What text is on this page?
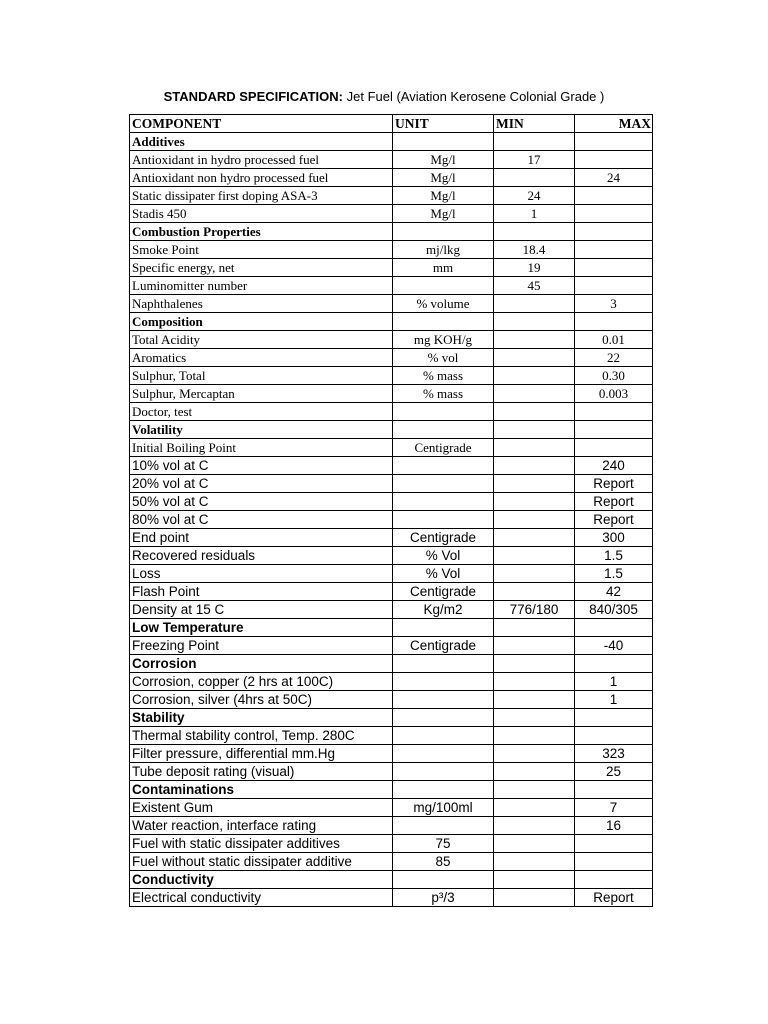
STANDARD SPECIFICATION: Jet Fuel (Aviation Kerosene Colonial Grade )
COMPONENT	UNIT	MIN	MAX
Additives			
Antioxidant in hydro processed fuel	Mg/l	17	
Antioxidant non hydro processed fuel	Mg/l		24
Static dissipater first doping ASA-3	Mg/l	24	
Stadis 450	Mg/l	1	
Combustion Properties			
Smoke Point	mj/lkg	18.4	
Specific energy, net	mm	19	
Luminomitter number		45	
Naphthalenes	% volume		3
Composition			
Total Acidity	mg KOH/g		0.01
Aromatics	% vol		22
Sulphur, Total	% mass		0.30
Sulphur, Mercaptan	% mass		0.003
Doctor, test			
Volatility			
Initial Boiling Point	Centigrade		
10% vol at C			240
20% vol at C			Report
50% vol at C			Report
80% vol at C			Report
End point	Centigrade		300
Recovered residuals	% Vol		1.5
Loss	% Vol		1.5
Flash Point	Centigrade		42
Density at 15 C	Kg/m2	776/180	840/305
Low Temperature			
Freezing Point	Centigrade		-40
Corrosion			
Corrosion, copper (2 hrs at 100C)			1
Corrosion, silver (4hrs at 50C)			1
Stability			
Thermal stability control, Temp. 280C			
Filter pressure, differential mm.Hg			323
Tube deposit rating (visual)			25
Contaminations			
Existent Gum	mg/100ml		7
Water reaction, interface rating			16
Fuel with static dissipater additives	75		
Fuel without static dissipater additive	85		
Conductivity			
Electrical conductivity	p³/3		Report
